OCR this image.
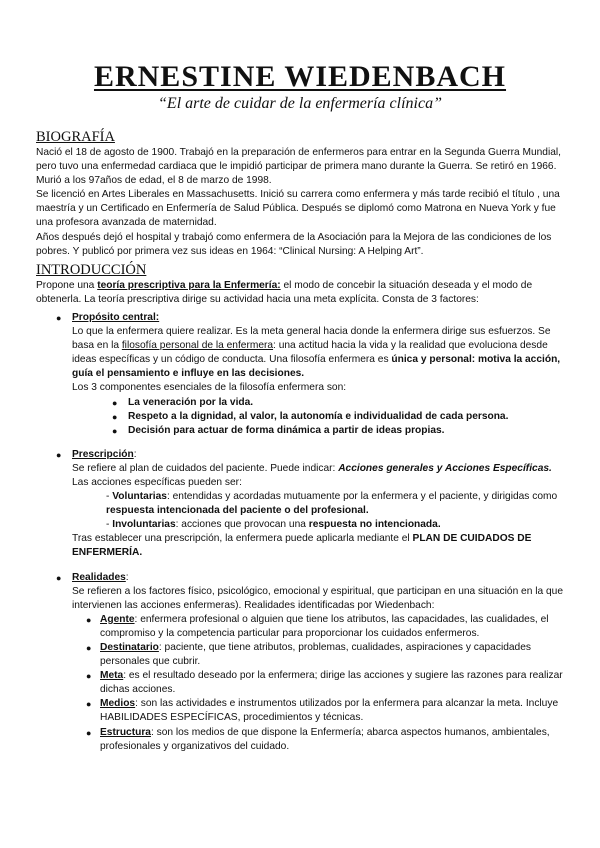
ERNESTINE WIEDENBACH

“El arte de cuidar de la enfermería clínica”

BIOGRAFÍA

Nació el 18 de agosto de 1900. Trabajó en la preparación de enfermeros para entrar en la Segunda Guerra Mundial, pero tuvo una enfermedad cardiaca que le impidió participar de primera mano durante la Guerra. Se retiró en 1966. Murió a los 97años de edad, el 8 de marzo de 1998.

Se licenció en Artes Liberales en Massachusetts. Inició su carrera como enfermera y más tarde recibió el título , una maestría y un Certificado en Enfermería de Salud Pública. Después se diplomó como Matrona en Nueva York y fue una profesora avanzada de maternidad.

Años después dejó el hospital y trabajó como enfermera de la Asociación para la Mejora de las condiciones de los pobres. Y publicó por primera vez sus ideas en 1964: “Clinical Nursing: A Helping Art”.

INTRODUCCIÓN

Propone una teoría prescriptiva para la Enfermería: el modo de concebir la situación deseada y el modo de obtenerla. La teoría prescriptiva dirige su actividad hacia una meta explícita. Consta de 3 factores:

● Propósito central:

Lo que la enfermera quiere realizar. Es la meta general hacia donde la enfermera dirige sus esfuerzos. Se basa en la filosofía personal de la enfermera: una actitud hacia la vida y la realidad que evoluciona desde ideas específicas y un código de conducta. Una filosofía enfermera es única y personal: motiva la acción, guía el pensamiento e influye en las decisiones.

Los 3 componentes esenciales de la filosofía enfermera son:

● La veneración por la vida.
● Respeto a la dignidad, al valor, la autonomía e individualidad de cada persona.
● Decisión para actuar de forma dinámica a partir de ideas propias.
● Prescripción:

Se refiere al plan de cuidados del paciente. Puede indicar: Acciones generales y Acciones Específicas. Las acciones específicas pueden ser:

- Voluntarias: entendidas y acordadas mutuamente por la enfermera y el paciente, y dirigidas como respuesta intencionada del paciente o del profesional.

- Involuntarias: acciones que provocan una respuesta no intencionada.

Tras establecer una prescripción, la enfermera puede aplicarla mediante el PLAN DE CUIDADOS DE ENFERMERÍA.

● Realidades:

Se refieren a los factores físico, psicológico, emocional y espiritual, que participan en una situación en la que intervienen las acciones enfermeras). Realidades identificadas por Wiedenbach:

● Agente: enfermera profesional o alguien que tiene los atributos, las capacidades, las cualidades, el compromiso y la competencia particular para proporcionar los cuidados enfermeros.
● Destinatario: paciente, que tiene atributos, problemas, cualidades, aspiraciones y capacidades personales que cubrir.
● Meta: es el resultado deseado por la enfermera; dirige las acciones y sugiere las razones para realizar dichas acciones.
● Medios: son las actividades e instrumentos utilizados por la enfermera para alcanzar la meta. Incluye HABILIDADES ESPECÍFICAS, procedimientos y técnicas.
● Estructura: son los medios de que dispone la Enfermería; abarca aspectos humanos, ambientales, profesionales y organizativos del cuidado.
